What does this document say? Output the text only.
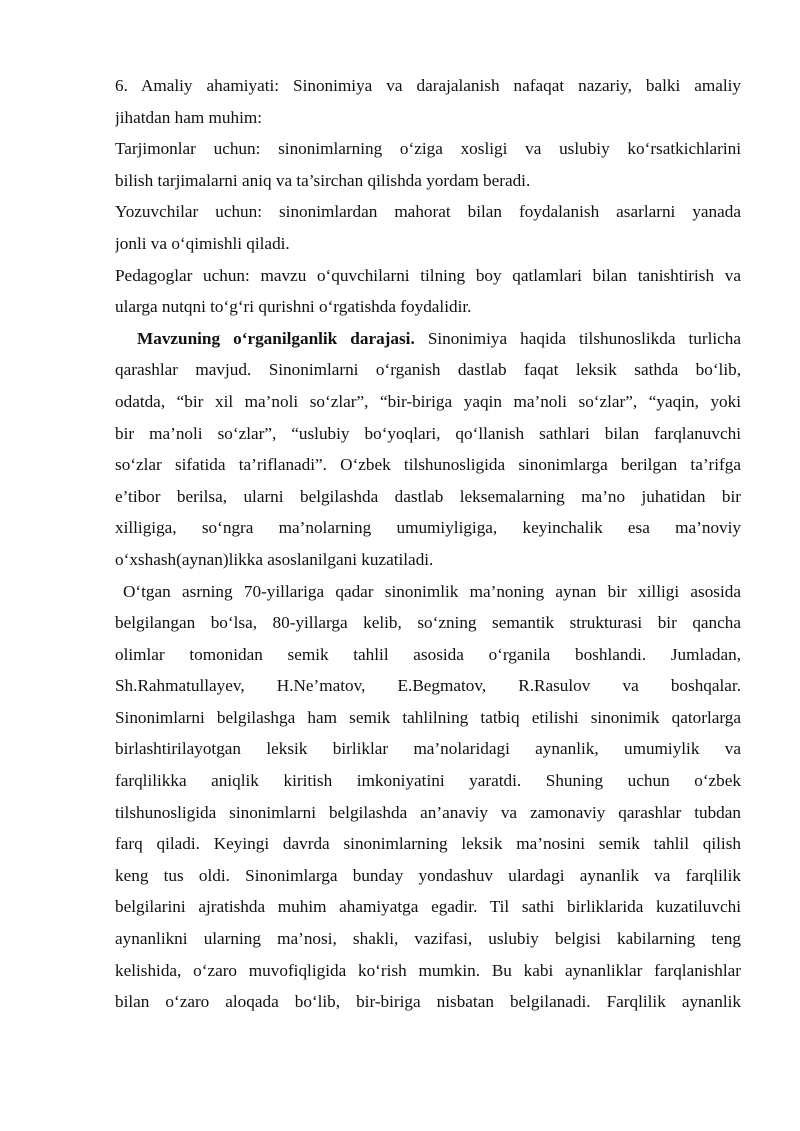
6. Amaliy ahamiyati: Sinonimiya va darajalanish nafaqat nazariy, balki amaliy
jihatdan ham muhim:
Tarjimonlar uchun: sinonimlarning o‘ziga xosligi va uslubiy ko‘rsatkichlarini
bilish tarjimalarni aniq va ta’sirchan qilishda yordam beradi.
Yozuvchilar uchun: sinonimlardan mahorat bilan foydalanish asarlarni yanada
jonli va o‘qimishli qiladi.
Pedagoglar uchun: mavzu o‘quvchilarni tilning boy qatlamlari bilan tanishtirish va
ularga nutqni to‘g‘ri qurishni o‘rgatishda foydalidir.
Mavzuning o‘rganilganlik darajasi. Sinonimiya haqida tilshunoslikda turlicha
qarashlar mavjud. Sinonimlarni o‘rganish dastlab faqat leksik sathda bo‘lib,
odatda, “bir xil ma’noli so‘zlar”, “bir-biriga yaqin ma’noli so‘zlar”, “yaqin, yoki
bir ma’noli so‘zlar”, “uslubiy bo‘yoqlari, qo‘llanish sathlari bilan farqlanuvchi
so‘zlar sifatida ta’riflanadi”. O‘zbek tilshunosligida sinonimlarga berilgan ta’rifga
e’tibor berilsa, ularni belgilashda dastlab leksemalarning ma’no juhatidan bir
xilligiga, so‘ngra ma’nolarning umumiyligiga, keyinchalik esa ma’noviy
o‘xshash(aynan)likka asoslanilgani kuzatiladi.
O‘tgan asrning 70-yillariga qadar sinonimlik ma’noning aynan bir xilligi asosida
belgilangan bo‘lsa, 80-yillarga kelib, so‘zning semantik strukturasi bir qancha
olimlar tomonidan semik tahlil asosida o‘rganila boshlandi. Jumladan,
Sh.Rahmatullayev, H.Ne’matov, E.Begmatov, R.Rasulov va boshqalar.
Sinonimlarni belgilashga ham semik tahlilning tatbiq etilishi sinonimik qatorlarga
birlashtirilayotgan leksik birliklar ma’nolaridagi aynanlik, umumiylik va
farqlilikka aniqlik kiritish imkoniyatini yaratdi. Shuning uchun o‘zbek
tilshunosligida sinonimlarni belgilashda an’anaviy va zamonaviy qarashlar tubdan
farq qiladi. Keyingi davrda sinonimlarning leksik ma’nosini semik tahlil qilish
keng tus oldi. Sinonimlarga bunday yondashuv ulardagi aynanlik va farqlilik
belgilarini ajratishda muhim ahamiyatga egadir. Til sathi birliklarida kuzatiluvchi
aynanlikni ularning ma’nosi, shakli, vazifasi, uslubiy belgisi kabilarning teng
kelishida, o‘zaro muvofiqligida ko‘rish mumkin. Bu kabi aynanliklar farqlanishlar
bilan o‘zaro aloqada bo‘lib, bir-biriga nisbatan belgilanadi. Farqlilik aynanlik
